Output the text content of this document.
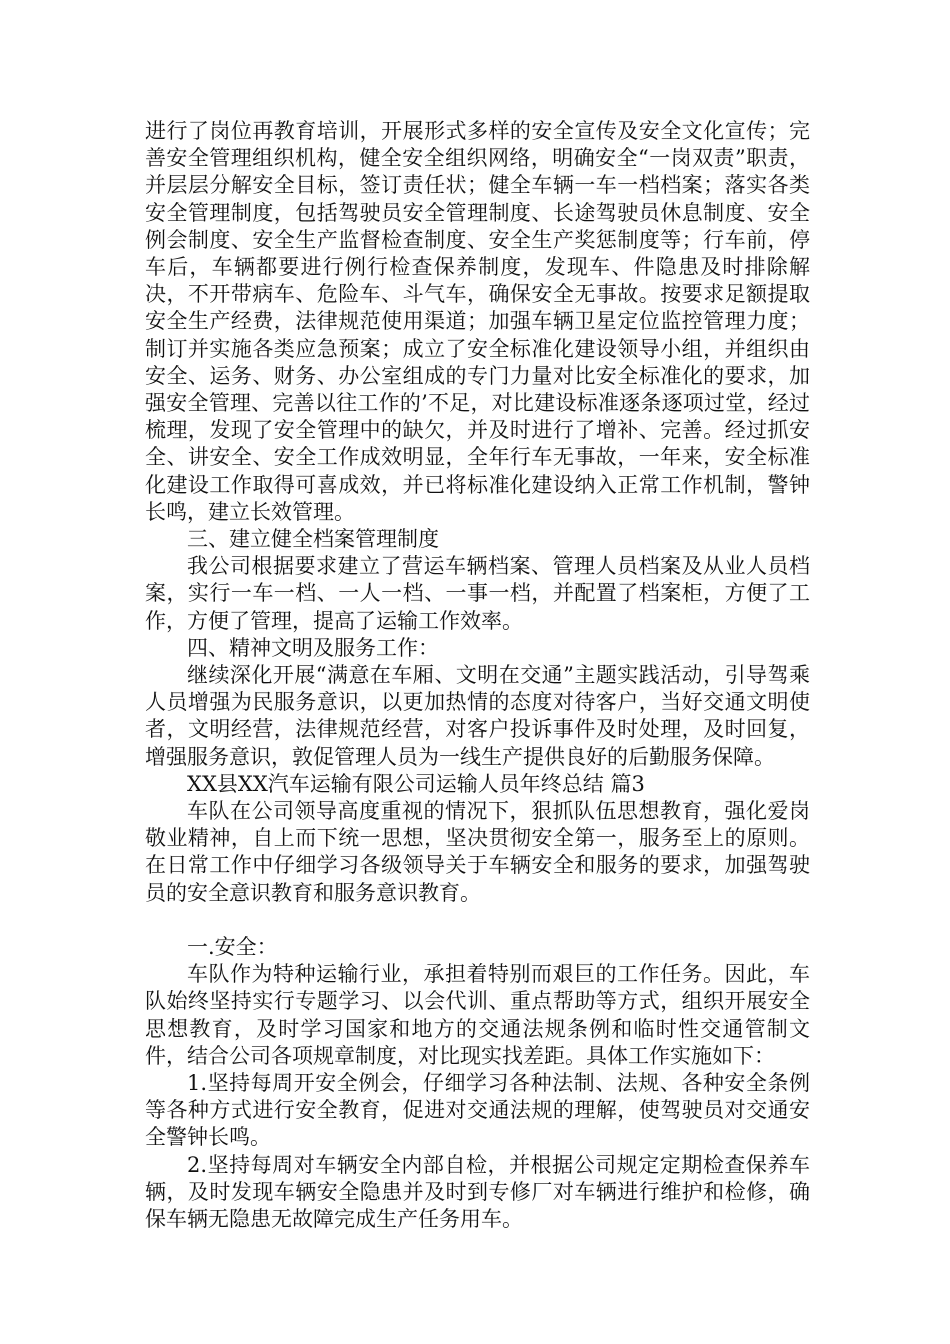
进行了岗位再教育培训，开展形式多样的安全宣传及安全文化宣传；完善安全管理组织机构，健全安全组织网络，明确安全“一岗双责”职责，并层层分解安全目标，签订责任状；健全车辆一车一档档案；落实各类安全管理制度，包括驾驶员安全管理制度、长途驾驶员休息制度、安全例会制度、安全生产监督检查制度、安全生产奖惩制度等；行车前，停车后，车辆都要进行例行检查保养制度，发现车、件隐患及时排除解决，不开带病车、危险车、斗气车，确保安全无事故。按要求足额提取安全生产经费，法律规范使用渠道；加强车辆卫星定位监控管理力度；制订并实施各类应急预案；成立了安全标准化建设领导小组，并组织由安全、运务、财务、办公室组成的专门力量对比安全标准化的要求，加强安全管理、完善以往工作的’不足，对比建设标准逐条逐项过堂，经过梳理，发现了安全管理中的缺欠，并及时进行了增补、完善。经过抓安全、讲安全、安全工作成效明显，全年行车无事故，一年来，安全标准化建设工作取得可喜成效，并已将标准化建设纳入正常工作机制，警钟长鸣，建立长效管理。

三、建立健全档案管理制度

我公司根据要求建立了营运车辆档案、管理人员档案及从业人员档案，实行一车一档、一人一档、一事一档，并配置了档案柜，方便了工作，方便了管理，提高了运输工作效率。

四、精神文明及服务工作：

继续深化开展“满意在车厢、文明在交通”主题实践活动，引导驾乘人员增强为民服务意识，以更加热情的态度对待客户，当好交通文明使者，文明经营，法律规范经营，对客户投诉事件及时处理，及时回复，增强服务意识，敦促管理人员为一线生产提供良好的后勤服务保障。

XX县XX汽车运输有限公司运输人员年终总结 篇3

车队在公司领导高度重视的情况下，狠抓队伍思想教育，强化爱岗敬业精神，自上而下统一思想，坚决贯彻安全第一，服务至上的原则。在日常工作中仔细学习各级领导关于车辆安全和服务的要求，加强驾驶员的安全意识教育和服务意识教育。

一.安全：

车队作为特种运输行业，承担着特别而艰巨的工作任务。因此，车队始终坚持实行专题学习、以会代训、重点帮助等方式，组织开展安全思想教育，及时学习国家和地方的交通法规条例和临时性交通管制文件，结合公司各项规章制度，对比现实找差距。具体工作实施如下：

1.坚持每周开安全例会，仔细学习各种法制、法规、各种安全条例等各种方式进行安全教育，促进对交通法规的理解，使驾驶员对交通安全警钟长鸣。

2.坚持每周对车辆安全内部自检，并根据公司规定定期检查保养车辆，及时发现车辆安全隐患并及时到专修厂对车辆进行维护和检修，确保车辆无隐患无故障完成生产任务用车。
